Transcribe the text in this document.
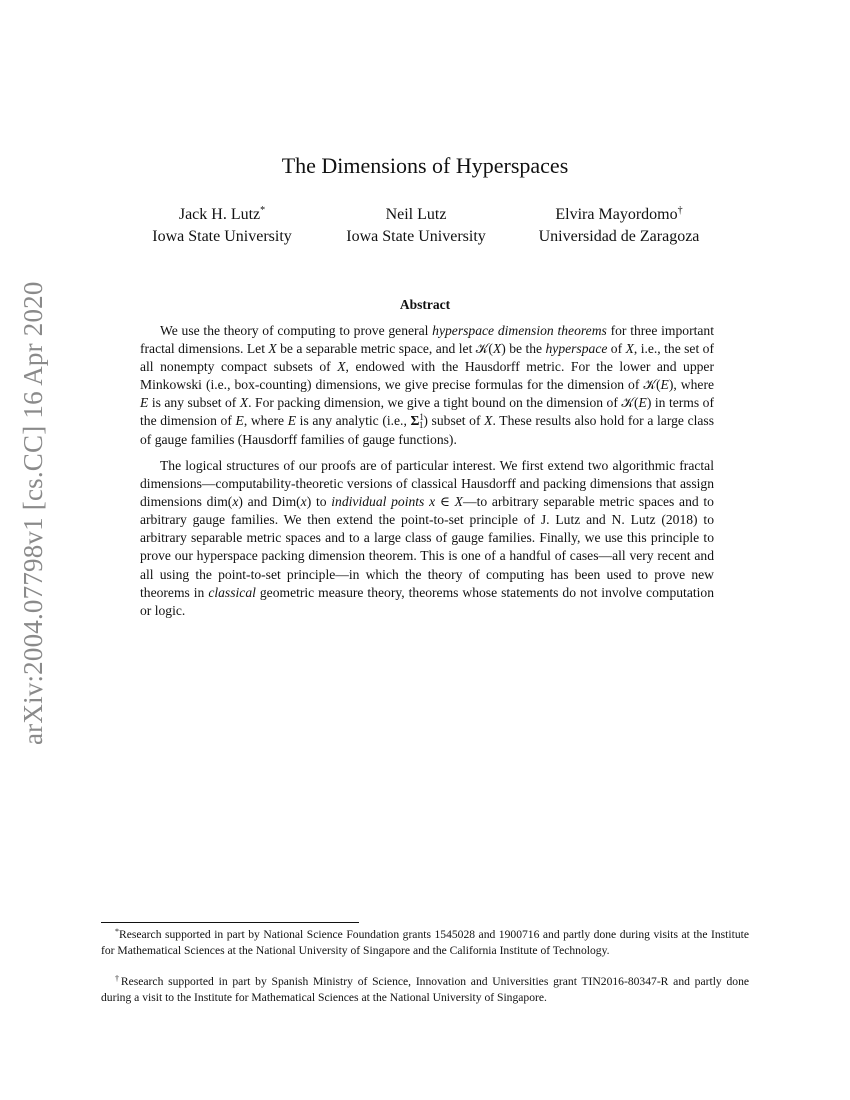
arXiv:2004.07798v1 [cs.CC] 16 Apr 2020
The Dimensions of Hyperspaces
Jack H. Lutz*
Iowa State University
Neil Lutz
Iowa State University
Elvira Mayordomo†
Universidad de Zaragoza
Abstract

We use the theory of computing to prove general hyperspace dimension theorems for three important fractal dimensions. Let X be a separable metric space, and let 𝒦(X) be the hyperspace of X, i.e., the set of all nonempty compact subsets of X, endowed with the Hausdorff metric. For the lower and upper Minkowski (i.e., box-counting) dimensions, we give precise formulas for the dimension of 𝒦(E), where E is any subset of X. For packing dimension, we give a tight bound on the dimension of 𝒦(E) in terms of the dimension of E, where E is any analytic (i.e., $\Sigma^1_1$) subset of X. These results also hold for a large class of gauge families (Hausdorff families of gauge functions).

The logical structures of our proofs are of particular interest. We first extend two algorithmic fractal dimensions—computability-theoretic versions of classical Hausdorff and packing dimensions that assign dimensions dim(x) and Dim(x) to individual points x ∈ X—to arbitrary separable metric spaces and to arbitrary gauge families. We then extend the point-to-set principle of J. Lutz and N. Lutz (2018) to arbitrary separable metric spaces and to a large class of gauge families. Finally, we use this principle to prove our hyperspace packing dimension theorem. This is one of a handful of cases—all very recent and all using the point-to-set principle—in which the theory of computing has been used to prove new theorems in classical geometric measure theory, theorems whose statements do not involve computation or logic.

*Research supported in part by National Science Foundation grants 1545028 and 1900716 and partly done during visits at the Institute for Mathematical Sciences at the National University of Singapore and the California Institute of Technology.

†Research supported in part by Spanish Ministry of Science, Innovation and Universities grant TIN2016-80347-R and partly done during a visit to the Institute for Mathematical Sciences at the National University of Singapore.
